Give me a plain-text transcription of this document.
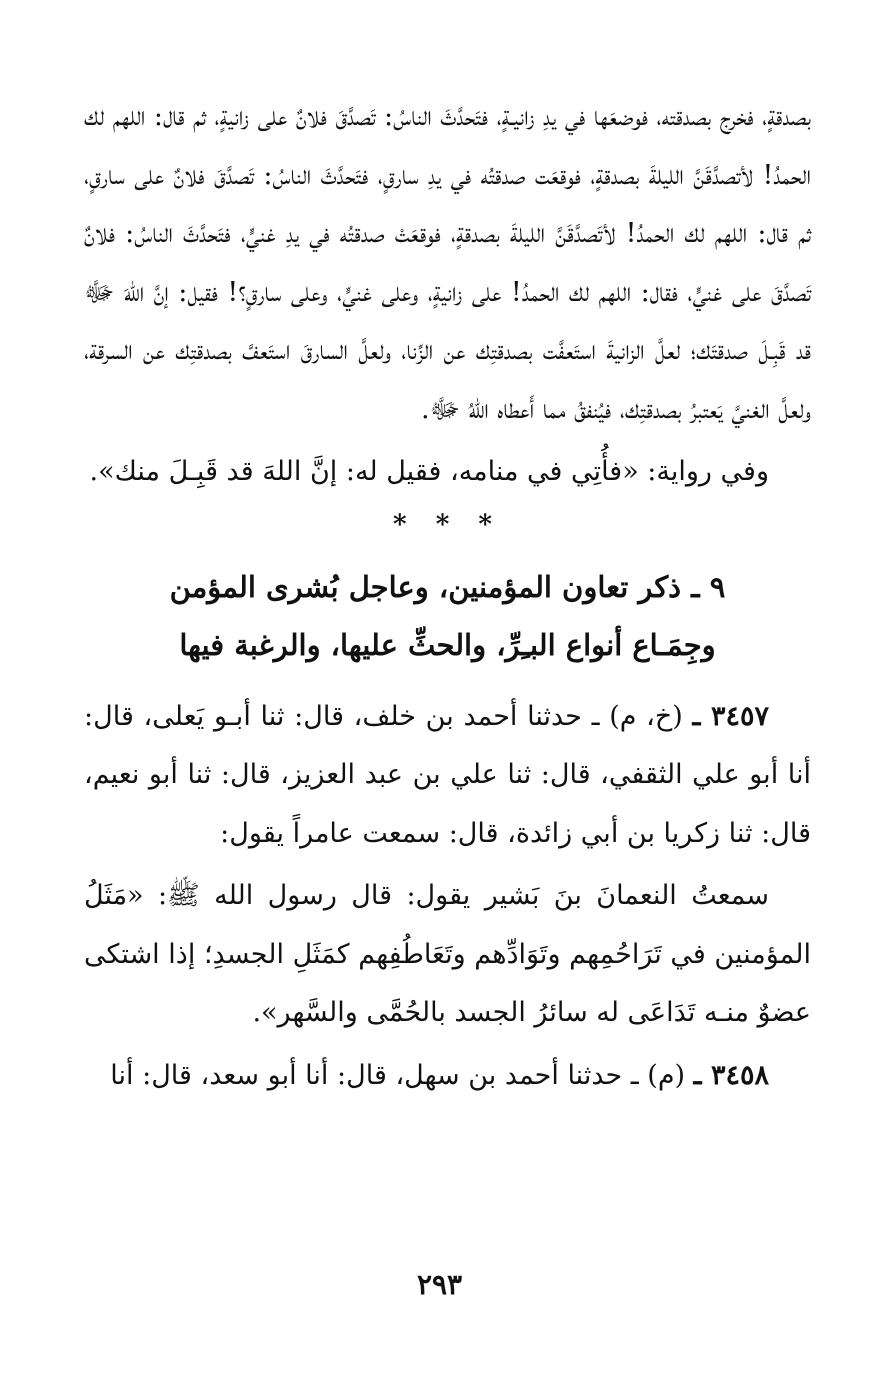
بصدقةٍ، فخرج بصدقته، فوضعَها في يدِ زانيـةٍ، فتَحدَّثَ الناسُ: تَصدَّقَ فلانٌ على زانيةٍ، ثم قال: اللهم لك الحمدُ! لأتصدَّقَنَّ الليلةَ بصدقةٍ، فوقعَت صدقتُه في يدِ سارقٍ، فتَحدَّثَ الناسُ: تَصدَّقَ فلانٌ على سارقٍ، ثم قال: اللهم لك الحمدُ! لأتَصدَّقَنَّ الليلةَ بصدقةٍ، فوقعَتْ صدقتُه في يدِ غنيٍّ، فتَحدَّثَ الناسُ: فلانٌ تَصدَّقَ على غنيٍّ، فقال: اللهم لك الحمدُ! على زانيةٍ، وعلى غنيٍّ، وعلى سارقٍ؟! فقيل: إنَّ اللهَ ﷻ قد قَبِـلَ صدقتَك؛ لعلَّ الزانيةَ استَعفَّت بصدقتِك عن الزِّنا، ولعلَّ السارقَ استَعفَّ بصدقتِك عن السرقة، ولعلَّ الغنيَّ يَعتبرُ بصدقتِك، فيُنفقُ مما أَعطاه اللهُ ﷻ.

وفي رواية: «فأُتِي في منامه، فقيل له: إنَّ اللهَ قد قَبِـلَ منك».

* * *
٩ ـ ذكر تعاون المؤمنين، وعاجل بُشرى المؤمن
وجِمَـاع أنواع البـِرِّ، والحثِّ عليها، والرغبة فيها

٣٤٥٧ ـ (خ، م) ـ حدثنا أحمد بن خلف، قال: ثنا أبـو يَعلى، قال: أنا أبو علي الثقفي، قال: ثنا علي بن عبد العزيز، قال: ثنا أبو نعيم، قال: ثنا زكريا بن أبي زائدة، قال: سمعت عامراً يقول:

سمعتُ النعمانَ بنَ بَشير يقول: قال رسول الله ﷺ: «مَثَلُ المؤمنين في تَرَاحُمِهم وتَوَادِّهم وتَعَاطُفِهم كمَثَلِ الجسدِ؛ إذا اشتكى عضوٌ منـه تَدَاعَى له سائرُ الجسد بالحُمَّى والسَّهر».

٣٤٥٨ ـ (م) ـ حدثنا أحمد بن سهل، قال: أنا أبو سعد، قال: أنا

٢٩٣
